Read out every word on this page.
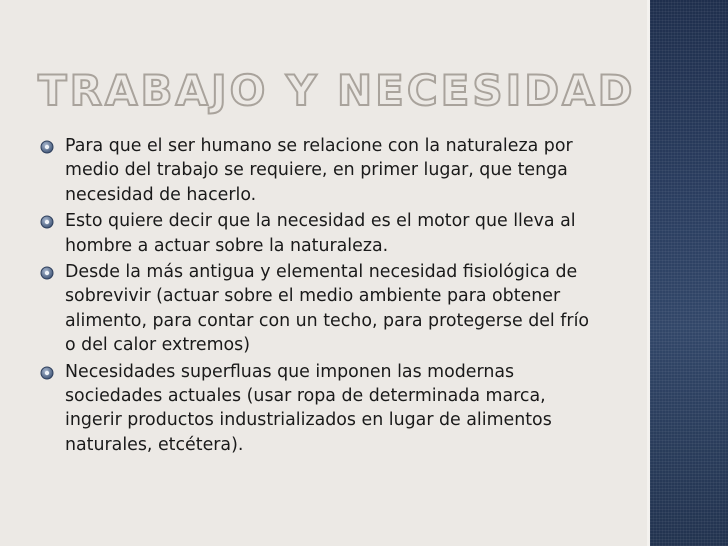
TRABAJO Y NECESIDAD
Para que el ser humano se relacione con la naturaleza por medio del trabajo se requiere, en primer lugar, que tenga necesidad de hacerlo.
Esto quiere decir que la necesidad es el motor que lleva al hombre a actuar sobre la naturaleza.
Desde la más antigua y elemental necesidad fisiológica de sobrevivir (actuar sobre el medio ambiente para obtener alimento, para contar con un techo, para protegerse del frío o del calor extremos)
Necesidades superfluas que imponen las modernas sociedades actuales (usar ropa de determinada marca, ingerir productos industrializados en lugar de alimentos naturales, etcétera).
